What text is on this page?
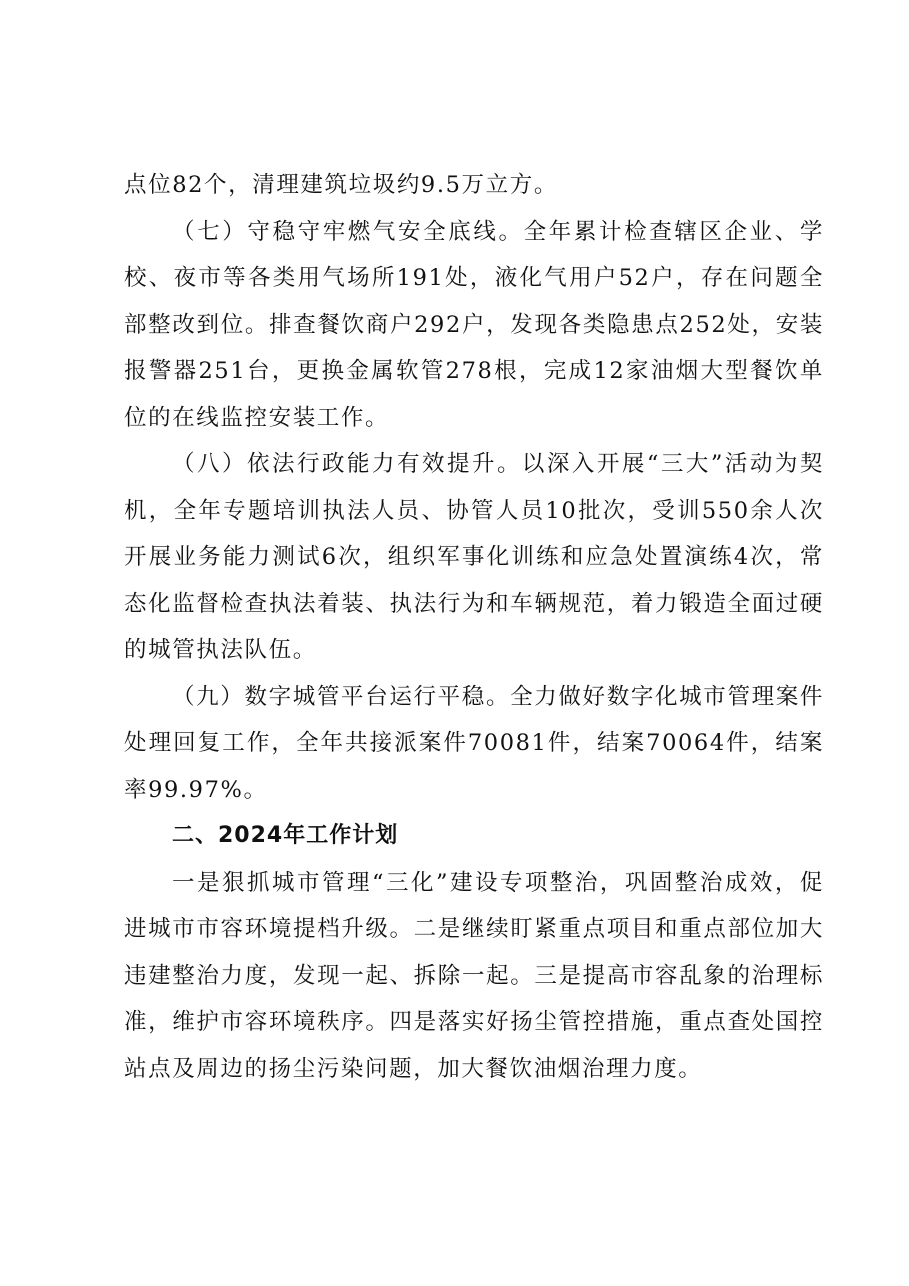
点位82个，清理建筑垃圾约9.5万立方。

（七）守稳守牢燃气安全底线。全年累计检查辖区企业、学校、夜市等各类用气场所191处，液化气用户52户，存在问题全部整改到位。排查餐饮商户292户，发现各类隐患点252处，安装报警器251台，更换金属软管278根，完成12家油烟大型餐饮单位的在线监控安装工作。

（八）依法行政能力有效提升。以深入开展“三大”活动为契机，全年专题培训执法人员、协管人员10批次，受训550余人次开展业务能力测试6次，组织军事化训练和应急处置演练4次，常态化监督检查执法着装、执法行为和车辆规范，着力锻造全面过硬的城管执法队伍。

（九）数字城管平台运行平稳。全力做好数字化城市管理案件处理回复工作，全年共接派案件70081件，结案70064件，结案率99.97%。

二、2024年工作计划

一是狠抓城市管理“三化”建设专项整治，巩固整治成效，促进城市市容环境提档升级。二是继续盯紧重点项目和重点部位加大违建整治力度，发现一起、拆除一起。三是提高市容乱象的治理标准，维护市容环境秩序。四是落实好扬尘管控措施，重点查处国控站点及周边的扬尘污染问题，加大餐饮油烟治理力度。
